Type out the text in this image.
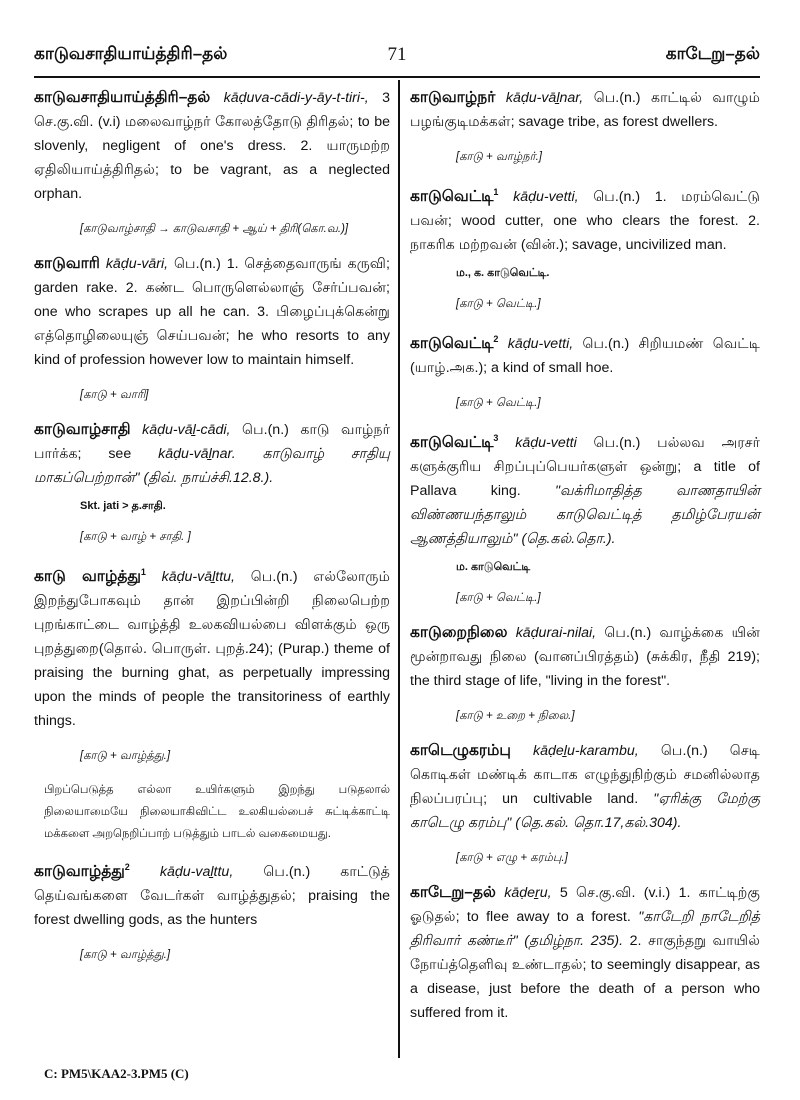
காடுவசாதியாய்த்திரி–தல்	71	காடேறு–தல்

காடுவசாதியாய்த்திரி–தல் kāḍuva-cādi-y-āy-t-tiri-, 3 செ.கு.வி. (v.i) மலைவாழ்நர் கோலத்தோடு திரிதல்; to be slovenly, negligent of one's dress. 2. யாருமற்ற ஏதிலியாய்த்திரிதல்; to be vagrant, as a neglected orphan.

[காடுவாழ்சாதி → காடுவசாதி + ஆய் + திரி(கொ.வ.)]

காடுவாரி kāḍu-vāri, பெ.(n.) 1. செத்தைவாருங் கருவி; garden rake. 2. கண்ட பொருளெல்லாஞ் சேர்ப்பவன்; one who scrapes up all he can. 3. பிழைப்புக்கென்று எத்தொழிலையுஞ் செய்பவன்; he who resorts to any kind of profession however low to maintain himself.

[காடு + வாரி]

காடுவாழ்சாதி kāḍu-vāḻ-cādi, பெ.(n.) காடு வாழ்நர் பார்க்க; see kāḍu-vāḻnar. காடுவாழ் சாதியு மாகப்பெற்றான்" (திவ். நாய்ச்சி.12.8.).

Skt. jati > த.சாதி.
[காடு + வாழ் + சாதி. ]

காடு வாழ்த்து$^1$ kāḍu-vāḻttu, பெ.(n.) எல்லோரும் இறந்துபோகவும் தான் இறப்பின்றி நிலைபெற்ற புறங்காட்டை வாழ்த்தி உலகவியல்பை விளக்கும் ஒரு புறத்துறை(தொல். பொருள். புறத்.24); (Purap.) theme of praising the burning ghat, as perpetually impressing upon the minds of people the transitoriness of earthly things.

[காடு + வாழ்த்து.]
பிறப்பெடுத்த எல்லா உயிர்களும் இறந்து படுதலால் நிலையாமையே நிலையாகிவிட்ட உலகியல்பைச் சுட்டிக்காட்டி மக்களை அறநெறிப்பாற் படுத்தும் பாடல் வகைமையது.

காடுவாழ்த்து$^2$ kāḍu-vaḻttu, பெ.(n.) காட்டுத் தெய்வங்களை வேடர்கள் வாழ்த்துதல்; praising the forest dwelling gods, as the hunters

[காடு + வாழ்த்து.]

காடுவாழ்நர் kāḍu-vāḻnar, பெ.(n.) காட்டில் வாழும் பழங்குடிமக்கள்; savage tribe, as forest dwellers.

[காடு + வாழ்நர்.]

காடுவெட்டி$^1$ kāḍu-vetti, பெ.(n.) 1. மரம்வெட்டு பவன்; wood cutter, one who clears the forest. 2. நாகரிக மற்றவன் (வின்.); savage, uncivilized man.

ம., க. காடுவெட்டி.
[காடு + வெட்டி.]

காடுவெட்டி$^2$ kāḍu-vetti, பெ.(n.) சிறியமண் வெட்டி (யாழ்.அக.); a kind of small hoe.

[காடு + வெட்டி.]

காடுவெட்டி$^3$ kāḍu-vetti பெ.(n.) பல்லவ அரசர் களுக்குரிய சிறப்புப்பெயர்களுள் ஒன்று; a title of Pallava king. "வக்ரிமாதித்த வாணதாயின் விண்ணயந்தாலும் காடுவெட்டித் தமிழ்பேரயன் ஆணத்தியாலும்" (தெ.கல்.தொ.).

ம. காடுவெட்டி
[காடு + வெட்டி.]

காடுறைநிலை kāḍurai-nilai, பெ.(n.) வாழ்க்கை யின் மூன்றாவது நிலை (வானப்பிரத்தம்) (சுக்கிர, நீதி 219); the third stage of life, "living in the forest".

[காடு + உறை + நிலை.]

காடெழுகரம்பு kāḍeḻu-karambu, பெ.(n.) செடி கொடிகள் மண்டிக் காடாக எழுந்துநிற்கும் சமனில்லாத நிலப்பரப்பு; un cultivable land. "ஏரிக்கு மேற்கு காடெழு கரம்பு" (தெ.கல். தொ.17,கல்.304).

[காடு + எழு + கரம்பு.]

காடேறு–தல் kāḍeṟu, 5 செ.கு.வி. (v.i.) 1. காட்டிற்கு ஓடுதல்; to flee away to a forest. "காடேறி நாடேறித் திரிவார் கண்டீர்" (தமிழ்நா. 235). 2. சாகுந்தறு வாயில் நோய்த்தெளிவு உண்டாதல்; to seemingly disappear, as a disease, just before the death of a person who suffered from it.

C: PM5\KAA2-3.PM5 (C)
